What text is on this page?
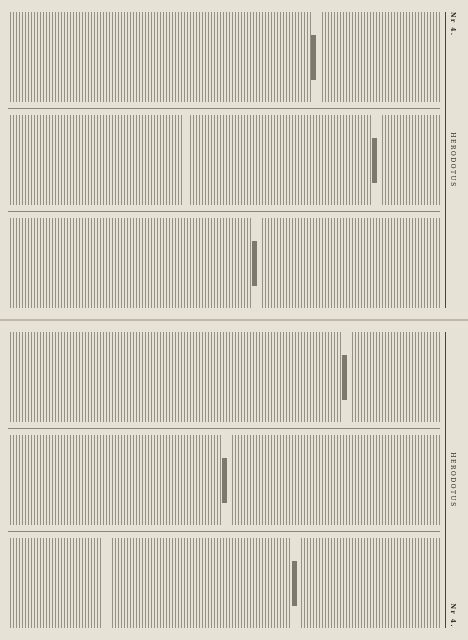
Nr 4.
HERODOTUS
Nr 4.
HERODOTUS
